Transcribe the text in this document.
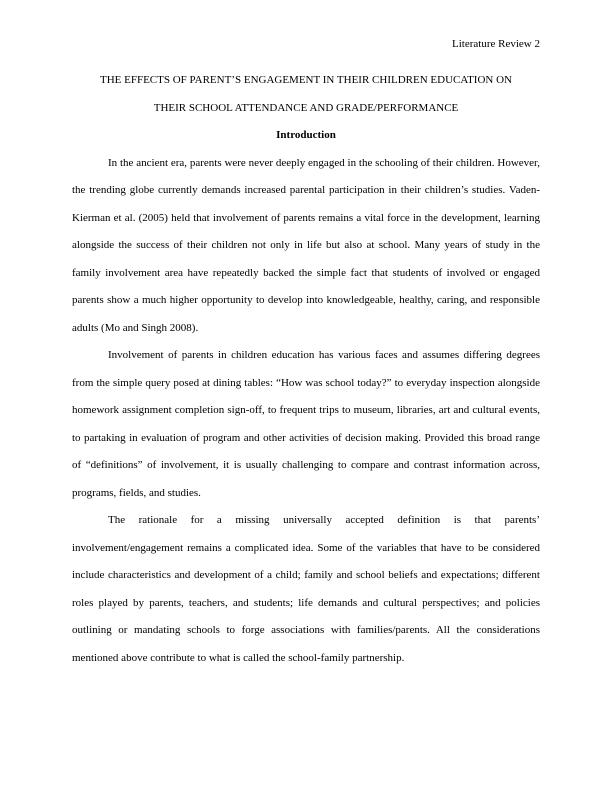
Literature Review 2
THE EFFECTS OF PARENT’S ENGAGEMENT IN THEIR CHILDREN EDUCATION ON
THEIR SCHOOL ATTENDANCE AND GRADE/PERFORMANCE
Introduction

In the ancient era, parents were never deeply engaged in the schooling of their children. However, the trending globe currently demands increased parental participation in their children’s studies. Vaden-Kierman et al. (2005) held that involvement of parents remains a vital force in the development, learning alongside the success of their children not only in life but also at school. Many years of study in the family involvement area have repeatedly backed the simple fact that students of involved or engaged parents show a much higher opportunity to develop into knowledgeable, healthy, caring, and responsible adults (Mo and Singh 2008).

Involvement of parents in children education has various faces and assumes differing degrees from the simple query posed at dining tables: “How was school today?” to everyday inspection alongside homework assignment completion sign-off, to frequent trips to museum, libraries, art and cultural events, to partaking in evaluation of program and other activities of decision making. Provided this broad range of “definitions” of involvement, it is usually challenging to compare and contrast information across, programs, fields, and studies.

The rationale for a missing universally accepted definition is that parents’ involvement/engagement remains a complicated idea. Some of the variables that have to be considered include characteristics and development of a child; family and school beliefs and expectations; different roles played by parents, teachers, and students; life demands and cultural perspectives; and policies outlining or mandating schools to forge associations with families/parents. All the considerations mentioned above contribute to what is called the school-family partnership.
